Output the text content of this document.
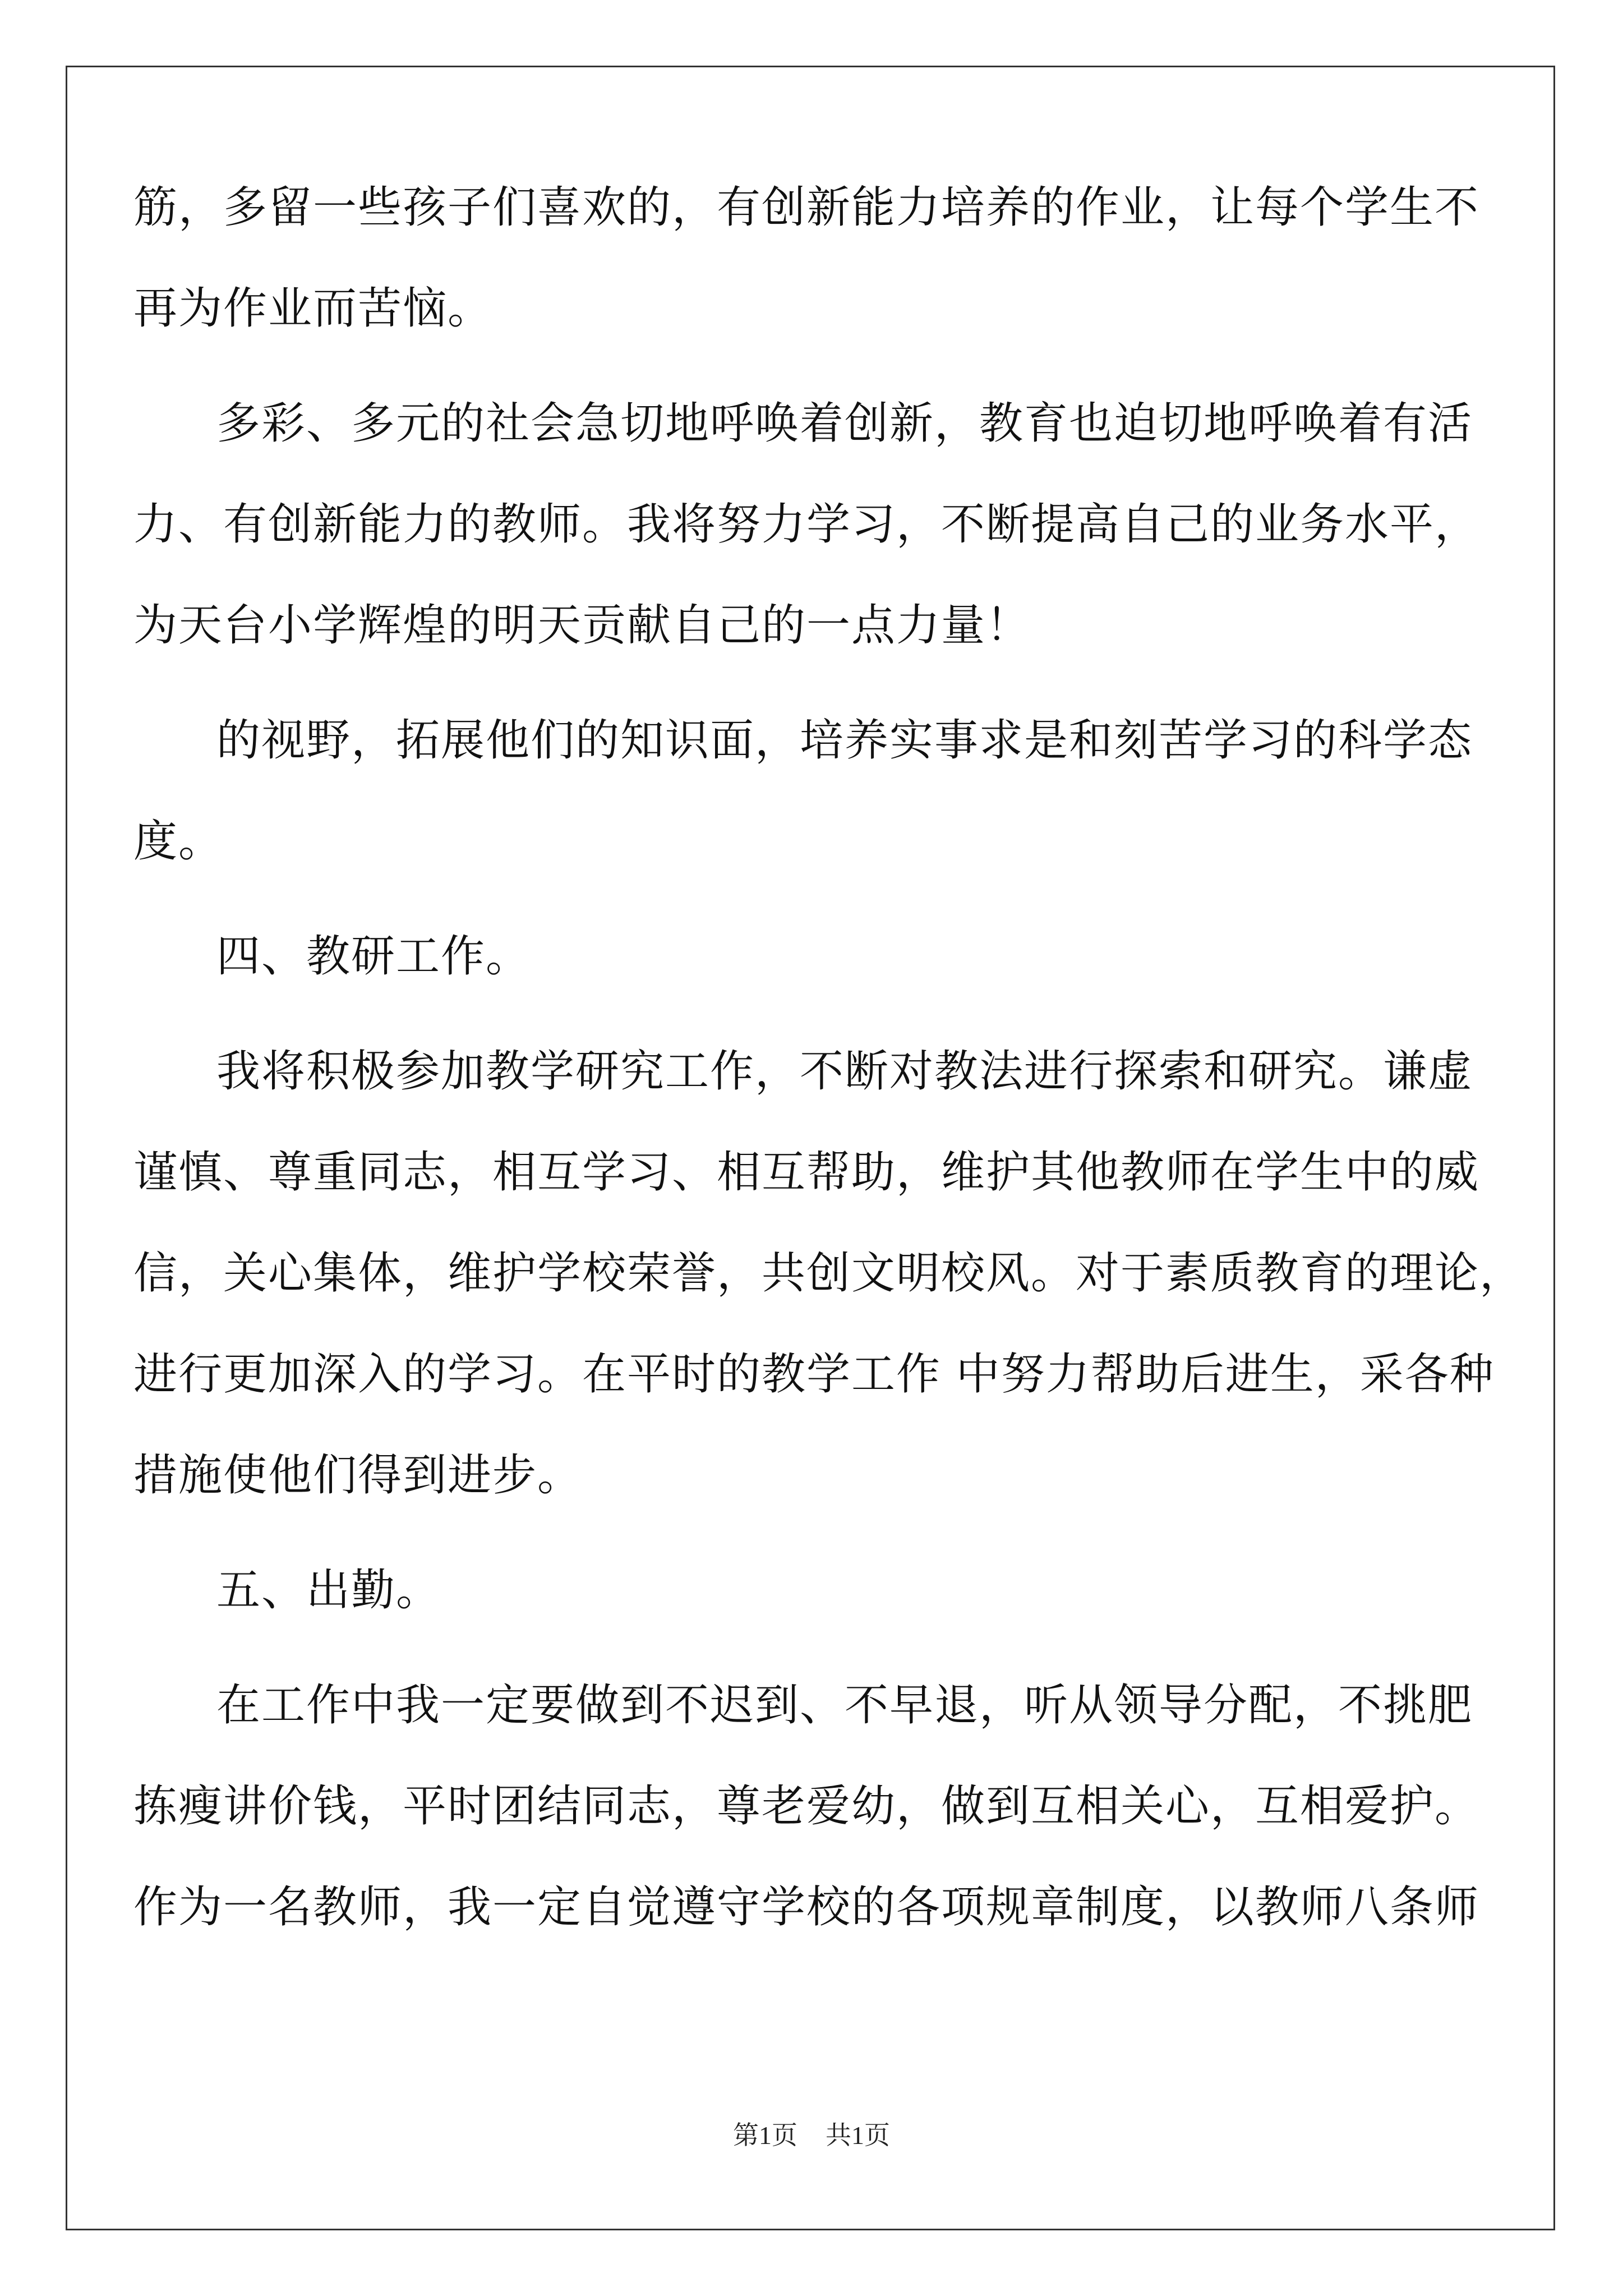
筋，多留一些孩子们喜欢的，有创新能力培养的作业，让每个学生不
再为作业而苦恼。
多彩、多元的社会急切地呼唤着创新，教育也迫切地呼唤着有活
力、有创新能力的教师。我将努力学习，不断提高自己的业务水平，
为天台小学辉煌的明天贡献自己的一点力量！
的视野，拓展他们的知识面，培养实事求是和刻苦学习的科学态
度。
四、教研工作。
我将积极参加教学研究工作，不断对教法进行探索和研究。谦虚
谨慎、尊重同志，相互学习、相互帮助，维护其他教师在学生中的威
信，关心集体，维护学校荣誉，共创文明校风。对于素质教育的理论，
进行更加深入的学习。在平时的教学工作 中努力帮助后进生，采各种
措施使他们得到进步。
五、出勤。
在工作中我一定要做到不迟到、不早退，听从领导分配，不挑肥
拣瘦讲价钱，平时团结同志，尊老爱幼，做到互相关心，互相爱护。
作为一名教师，我一定自觉遵守学校的各项规章制度，以教师八条师
第1页 共1页
